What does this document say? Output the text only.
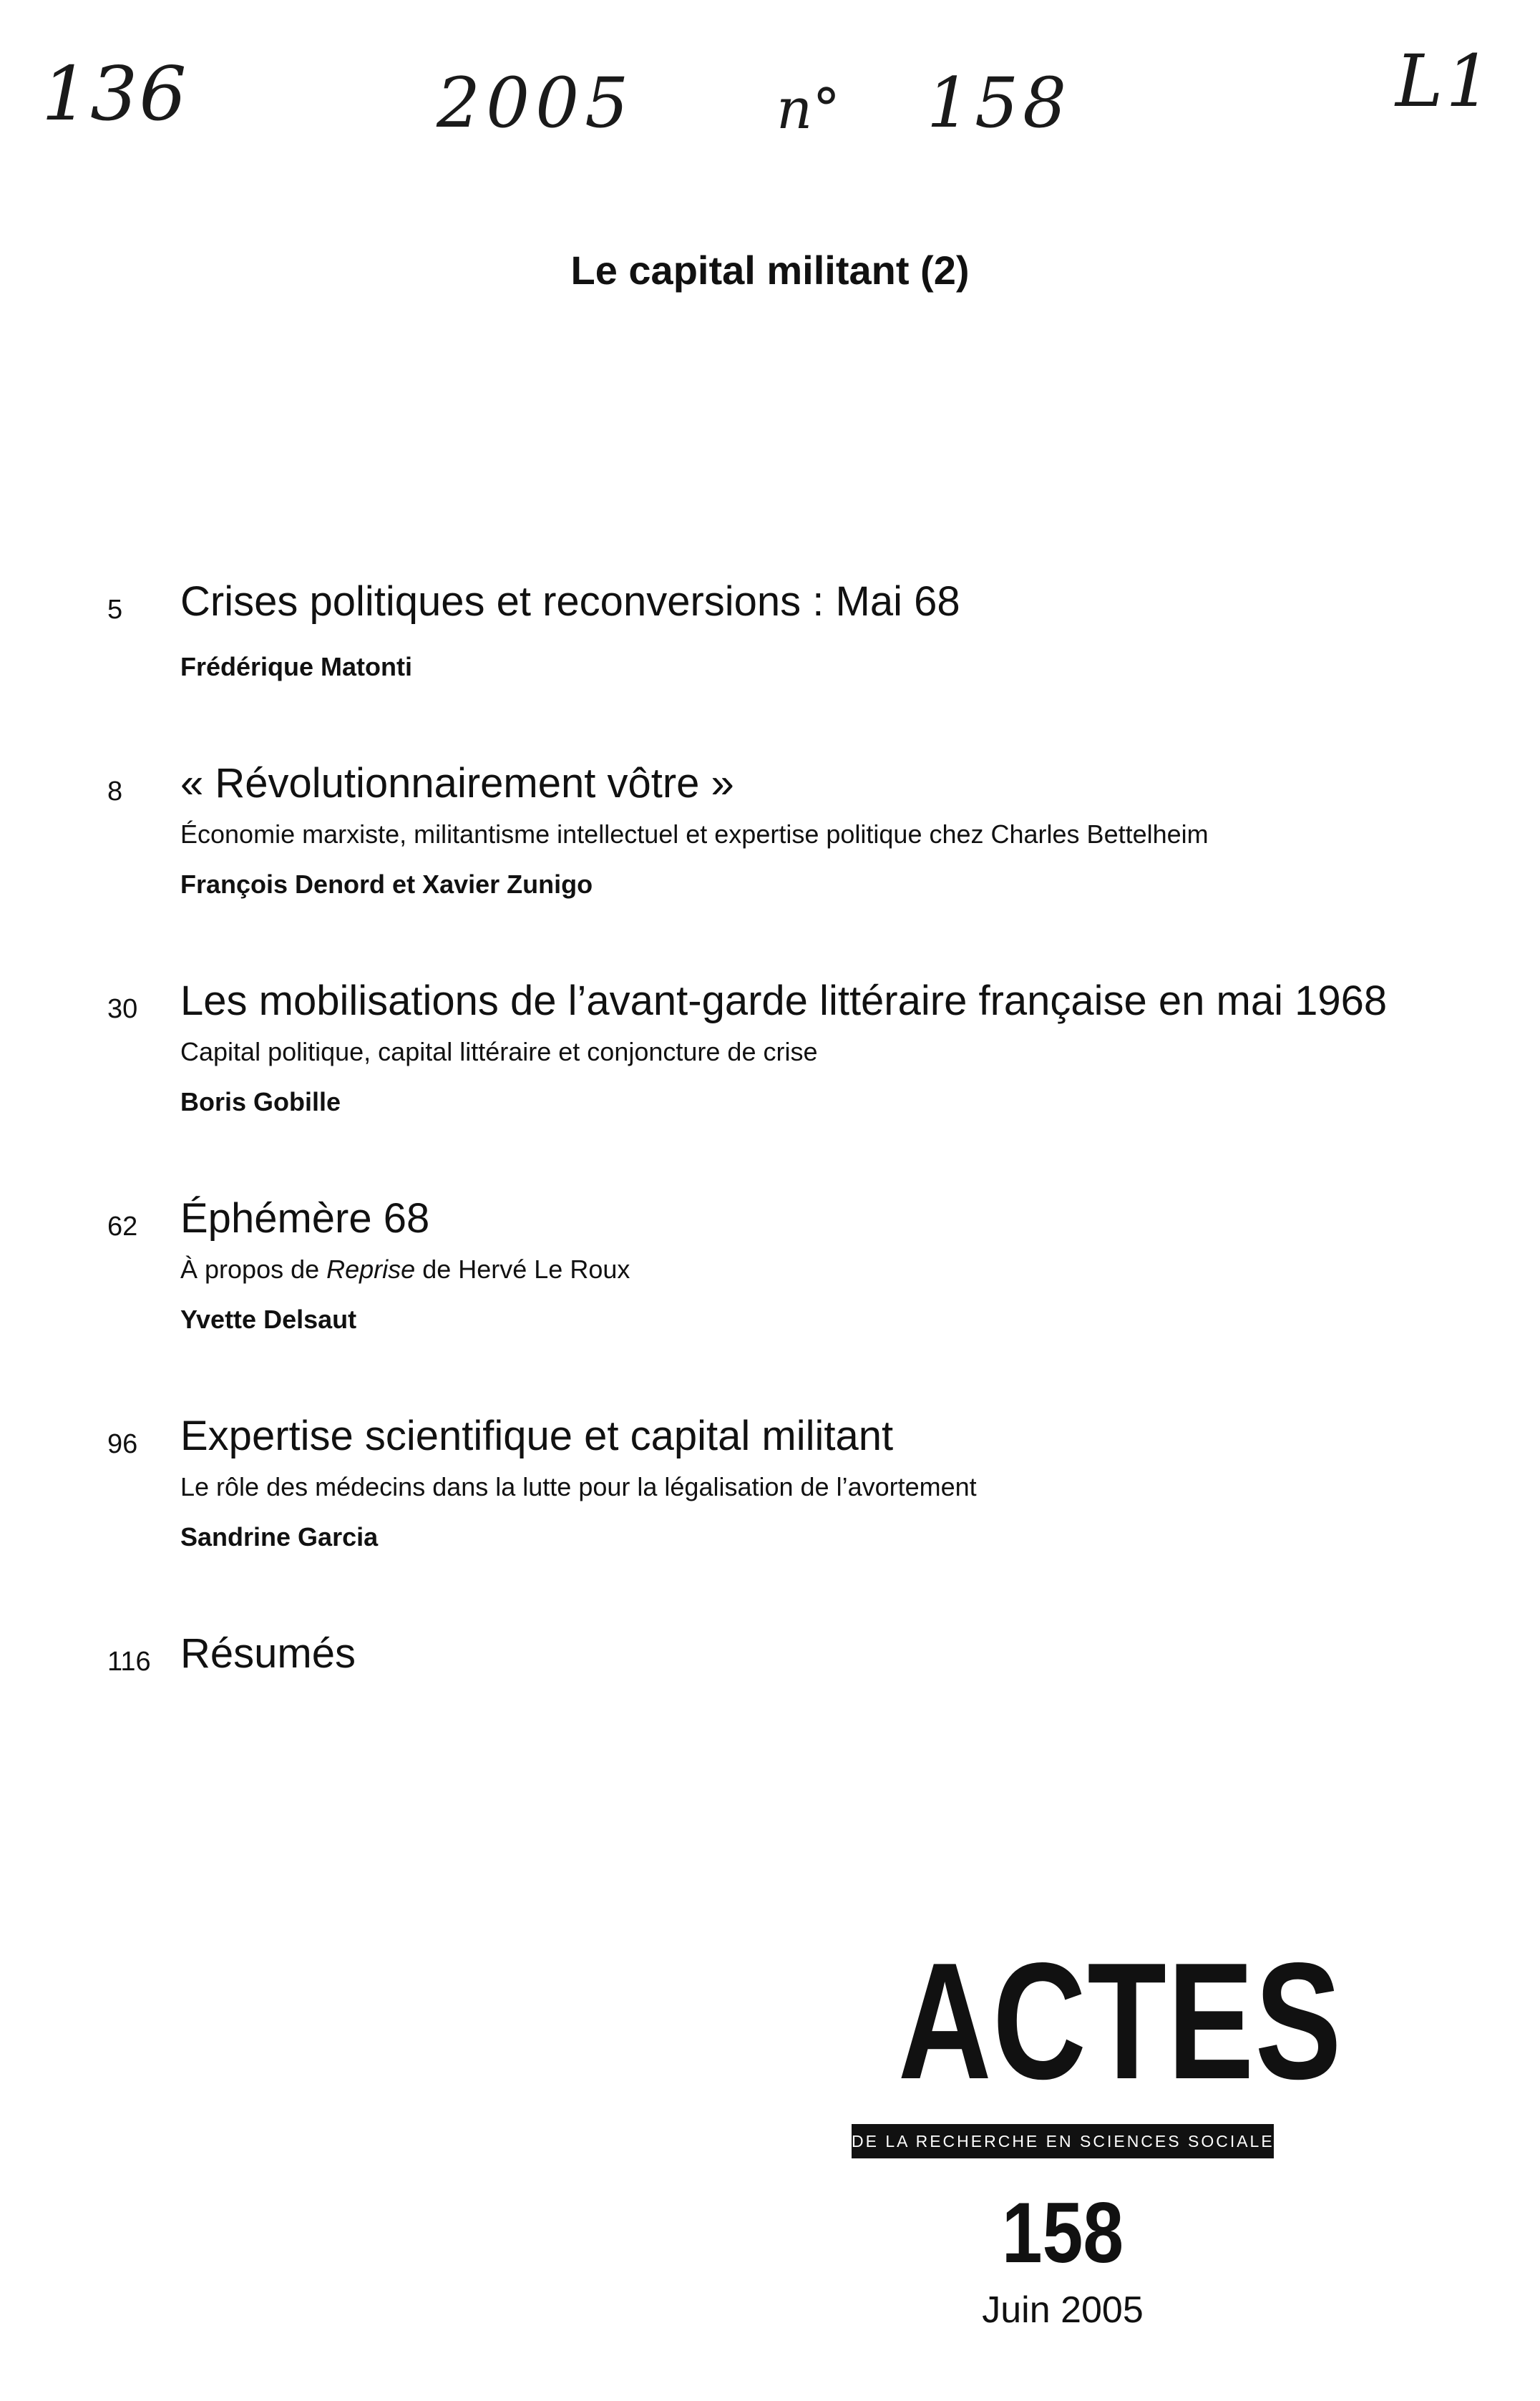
136	2005	n° 158	L1
Le capital militant (2)
5	Crises politiques et reconversions : Mai 68
Frédérique Matonti
8	« Révolutionnairement vôtre »
Économie marxiste, militantisme intellectuel et expertise politique chez Charles Bettelheim
François Denord et Xavier Zunigo
30	Les mobilisations de l’avant-garde littéraire française en mai 1968
Capital politique, capital littéraire et conjoncture de crise
Boris Gobille
62	Éphémère 68
À propos de Reprise de Hervé Le Roux
Yvette Delsaut
96	Expertise scientifique et capital militant
Le rôle des médecins dans la lutte pour la légalisation de l’avortement
Sandrine Garcia
116 Résumés
ACTES
DE LA RECHERCHE EN SCIENCES SOCIALES
158
Juin 2005
